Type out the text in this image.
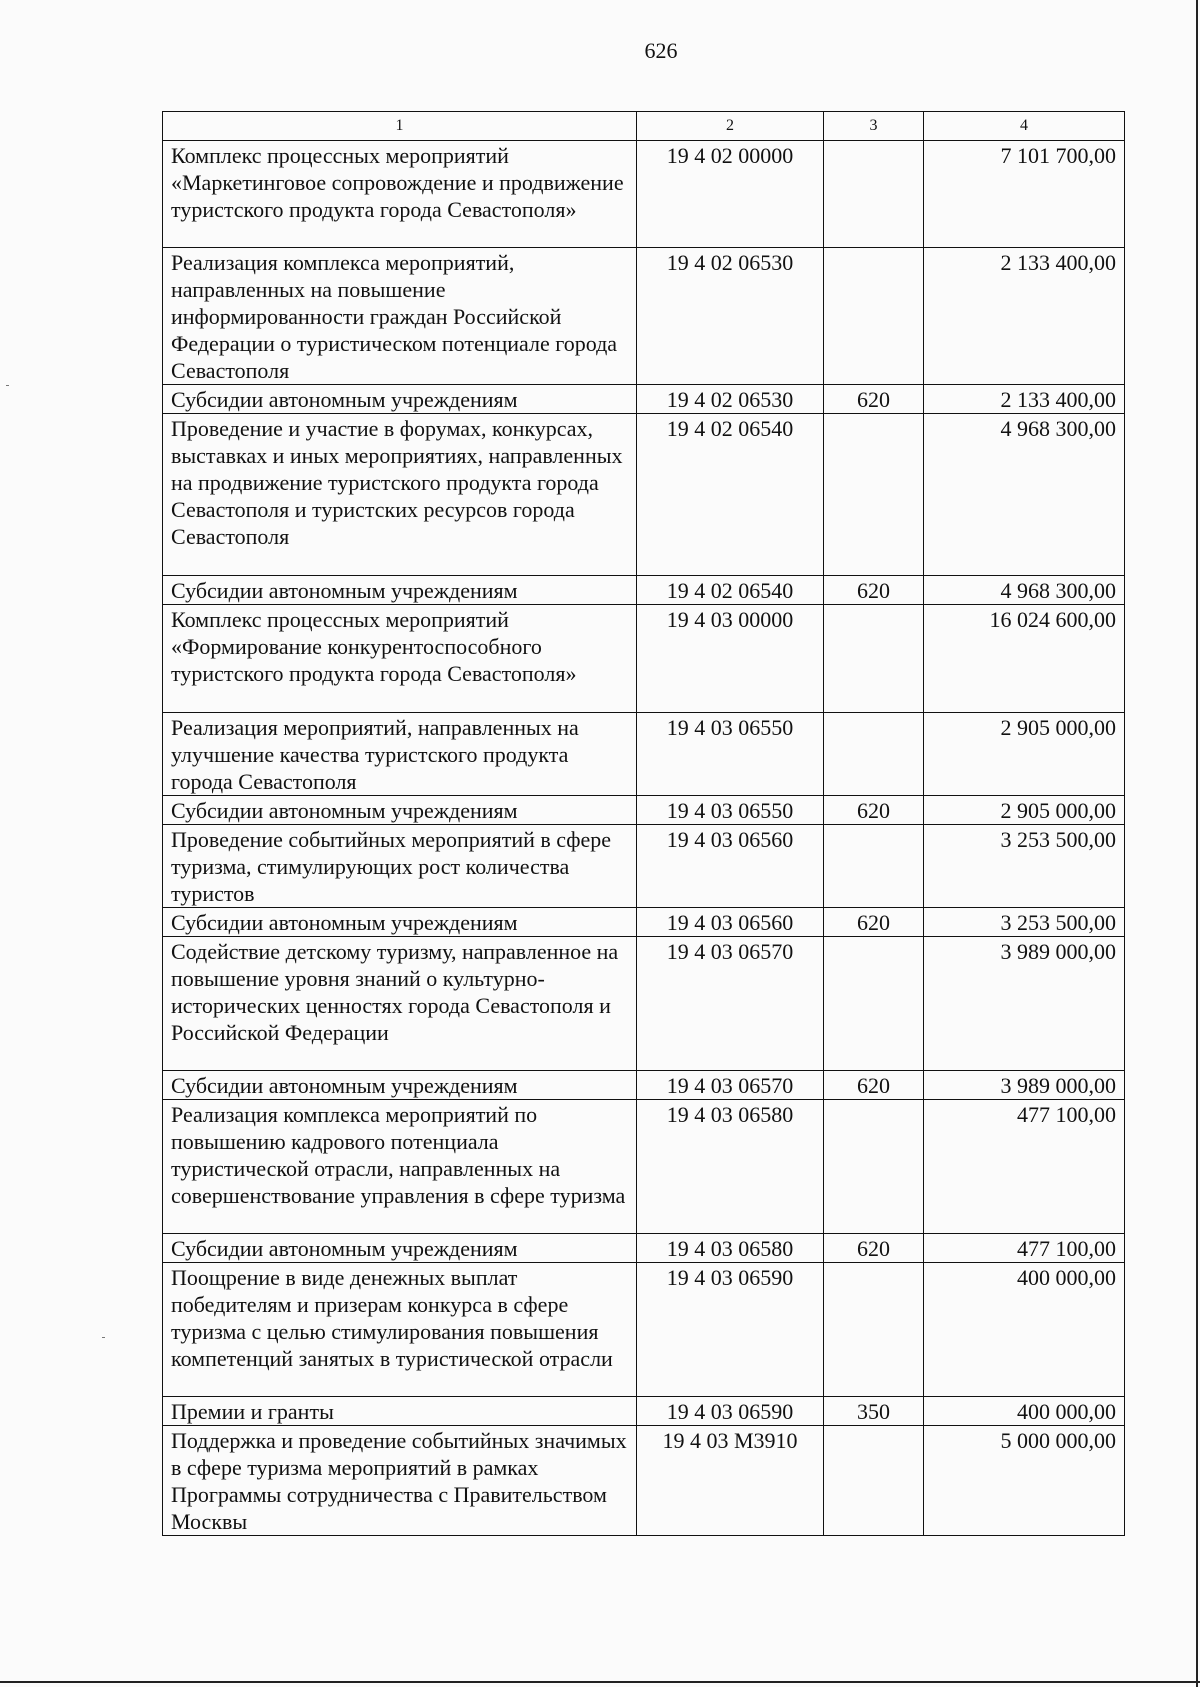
626
1	2	3	4
Комплекс процессных мероприятий «Маркетинговое сопровождение и продвижение туристского продукта города Севастополя»	19 4 02 00000		7 101 700,00
Реализация комплекса мероприятий, направленных на повышение информированности граждан Российской Федерации о туристическом потенциале города Севастополя	19 4 02 06530		2 133 400,00
Субсидии автономным учреждениям	19 4 02 06530	620	2 133 400,00
Проведение и участие в форумах, конкурсах, выставках и иных мероприятиях, направленных на продвижение туристского продукта города Севастополя и туристских ресурсов города Севастополя	19 4 02 06540		4 968 300,00
Субсидии автономным учреждениям	19 4 02 06540	620	4 968 300,00
Комплекс процессных мероприятий «Формирование конкурентоспособного туристского продукта города Севастополя»	19 4 03 00000		16 024 600,00
Реализация мероприятий, направленных на улучшение качества туристского продукта города Севастополя	19 4 03 06550		2 905 000,00
Субсидии автономным учреждениям	19 4 03 06550	620	2 905 000,00
Проведение событийных мероприятий в сфере туризма, стимулирующих рост количества туристов	19 4 03 06560		3 253 500,00
Субсидии автономным учреждениям	19 4 03 06560	620	3 253 500,00
Содействие детскому туризму, направленное на повышение уровня знаний о культурно-исторических ценностях города Севастополя и Российской Федерации	19 4 03 06570		3 989 000,00
Субсидии автономным учреждениям	19 4 03 06570	620	3 989 000,00
Реализация комплекса мероприятий по повышению кадрового потенциала туристической отрасли, направленных на совершенствование управления в сфере туризма	19 4 03 06580		477 100,00
Субсидии автономным учреждениям	19 4 03 06580	620	477 100,00
Поощрение в виде денежных выплат победителям и призерам конкурса в сфере туризма с целью стимулирования повышения компетенций занятых в туристической отрасли	19 4 03 06590		400 000,00
Премии и гранты	19 4 03 06590	350	400 000,00
Поддержка и проведение событийных значимых в сфере туризма мероприятий в рамках Программы сотрудничества с Правительством Москвы	19 4 03 М3910		5 000 000,00
